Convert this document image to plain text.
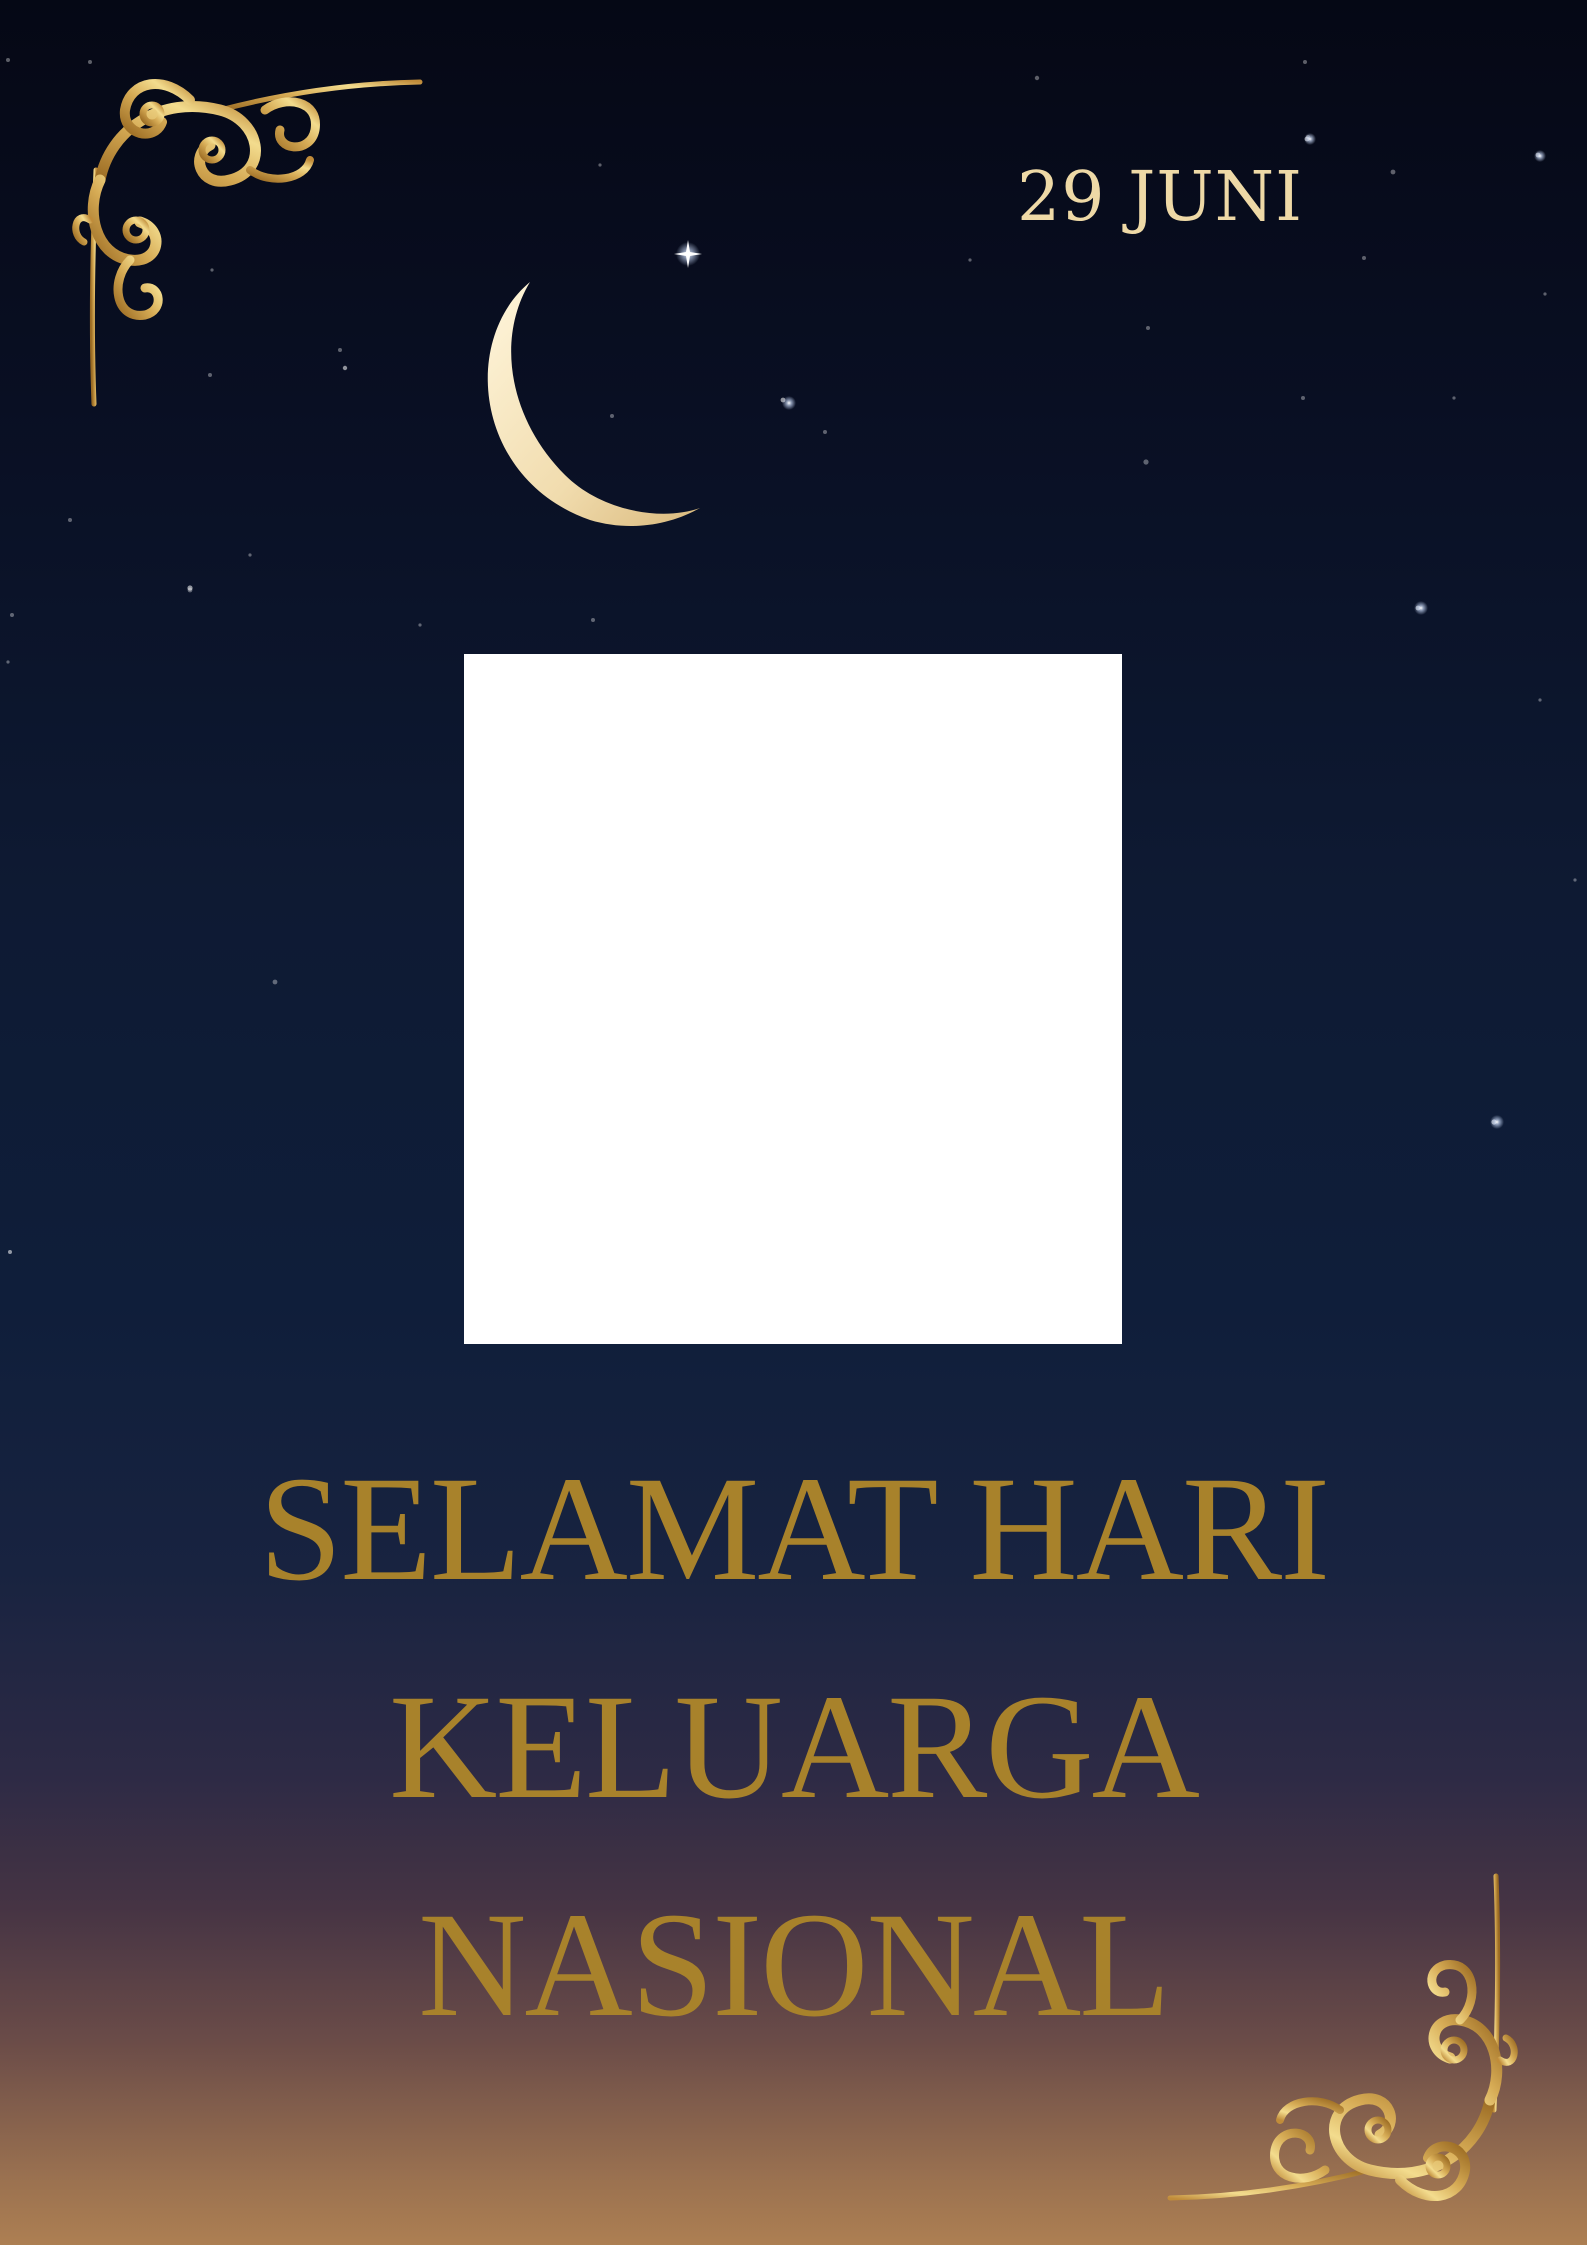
29 JUNI
SELAMAT HARI
KELUARGA
NASIONAL
